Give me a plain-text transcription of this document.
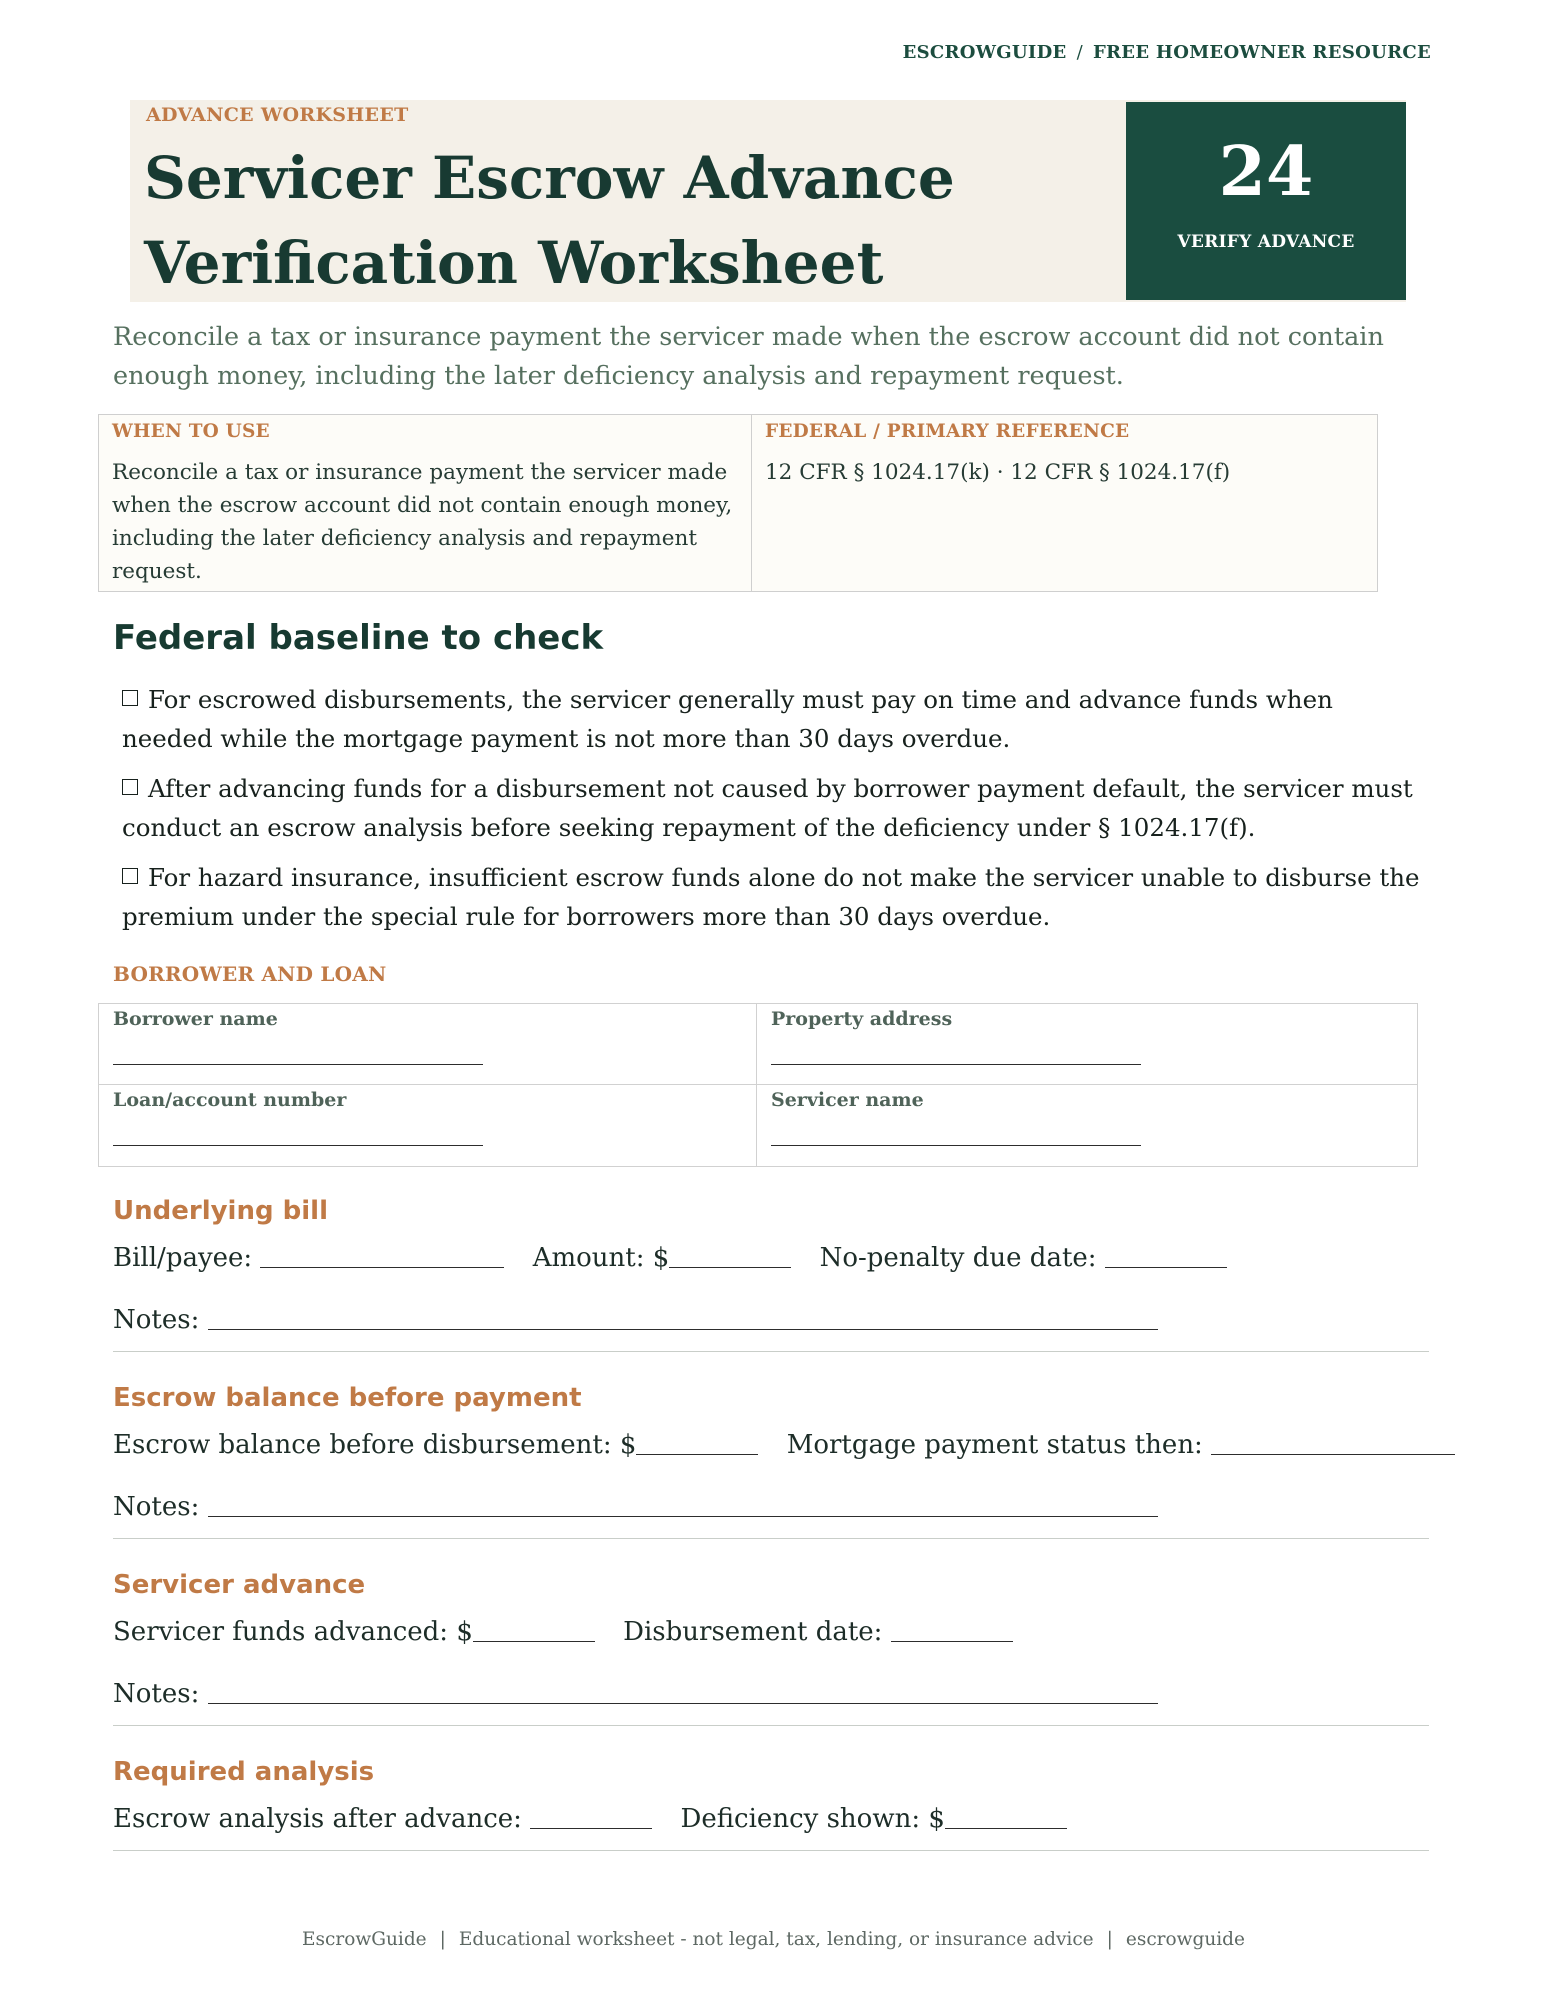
ESCROWGUIDE / FREE HOMEOWNER RESOURCE
ADVANCE WORKSHEET
Servicer Escrow Advance
Verification Worksheet
24
VERIFY ADVANCE
Reconcile a tax or insurance payment the servicer made when the escrow account did not contain enough money, including the later deficiency analysis and repayment request.
WHEN TO USE
Reconcile a tax or insurance payment the servicer made when the escrow account did not contain enough money, including the later deficiency analysis and repayment request.
FEDERAL / PRIMARY REFERENCE
12 CFR § 1024.17(k) · 12 CFR § 1024.17(f)
Federal baseline to check
For escrowed disbursements, the servicer generally must pay on time and advance funds when needed while the mortgage payment is not more than 30 days overdue.
After advancing funds for a disbursement not caused by borrower payment default, the servicer must conduct an escrow analysis before seeking repayment of the deficiency under § 1024.17(f).
For hazard insurance, insufficient escrow funds alone do not make the servicer unable to disburse the premium under the special rule for borrowers more than 30 days overdue.
BORROWER AND LOAN
Borrower name	Property address
Loan/account number	Servicer name
Underlying bill
Bill/payee:	Amount: $	No-penalty due date:
Notes:
Escrow balance before payment
Escrow balance before disbursement: $	Mortgage payment status then:
Notes:
Servicer advance
Servicer funds advanced: $	Disbursement date:
Notes:
Required analysis
Escrow analysis after advance:	Deficiency shown: $
EscrowGuide | Educational worksheet - not legal, tax, lending, or insurance advice | escrowguide
